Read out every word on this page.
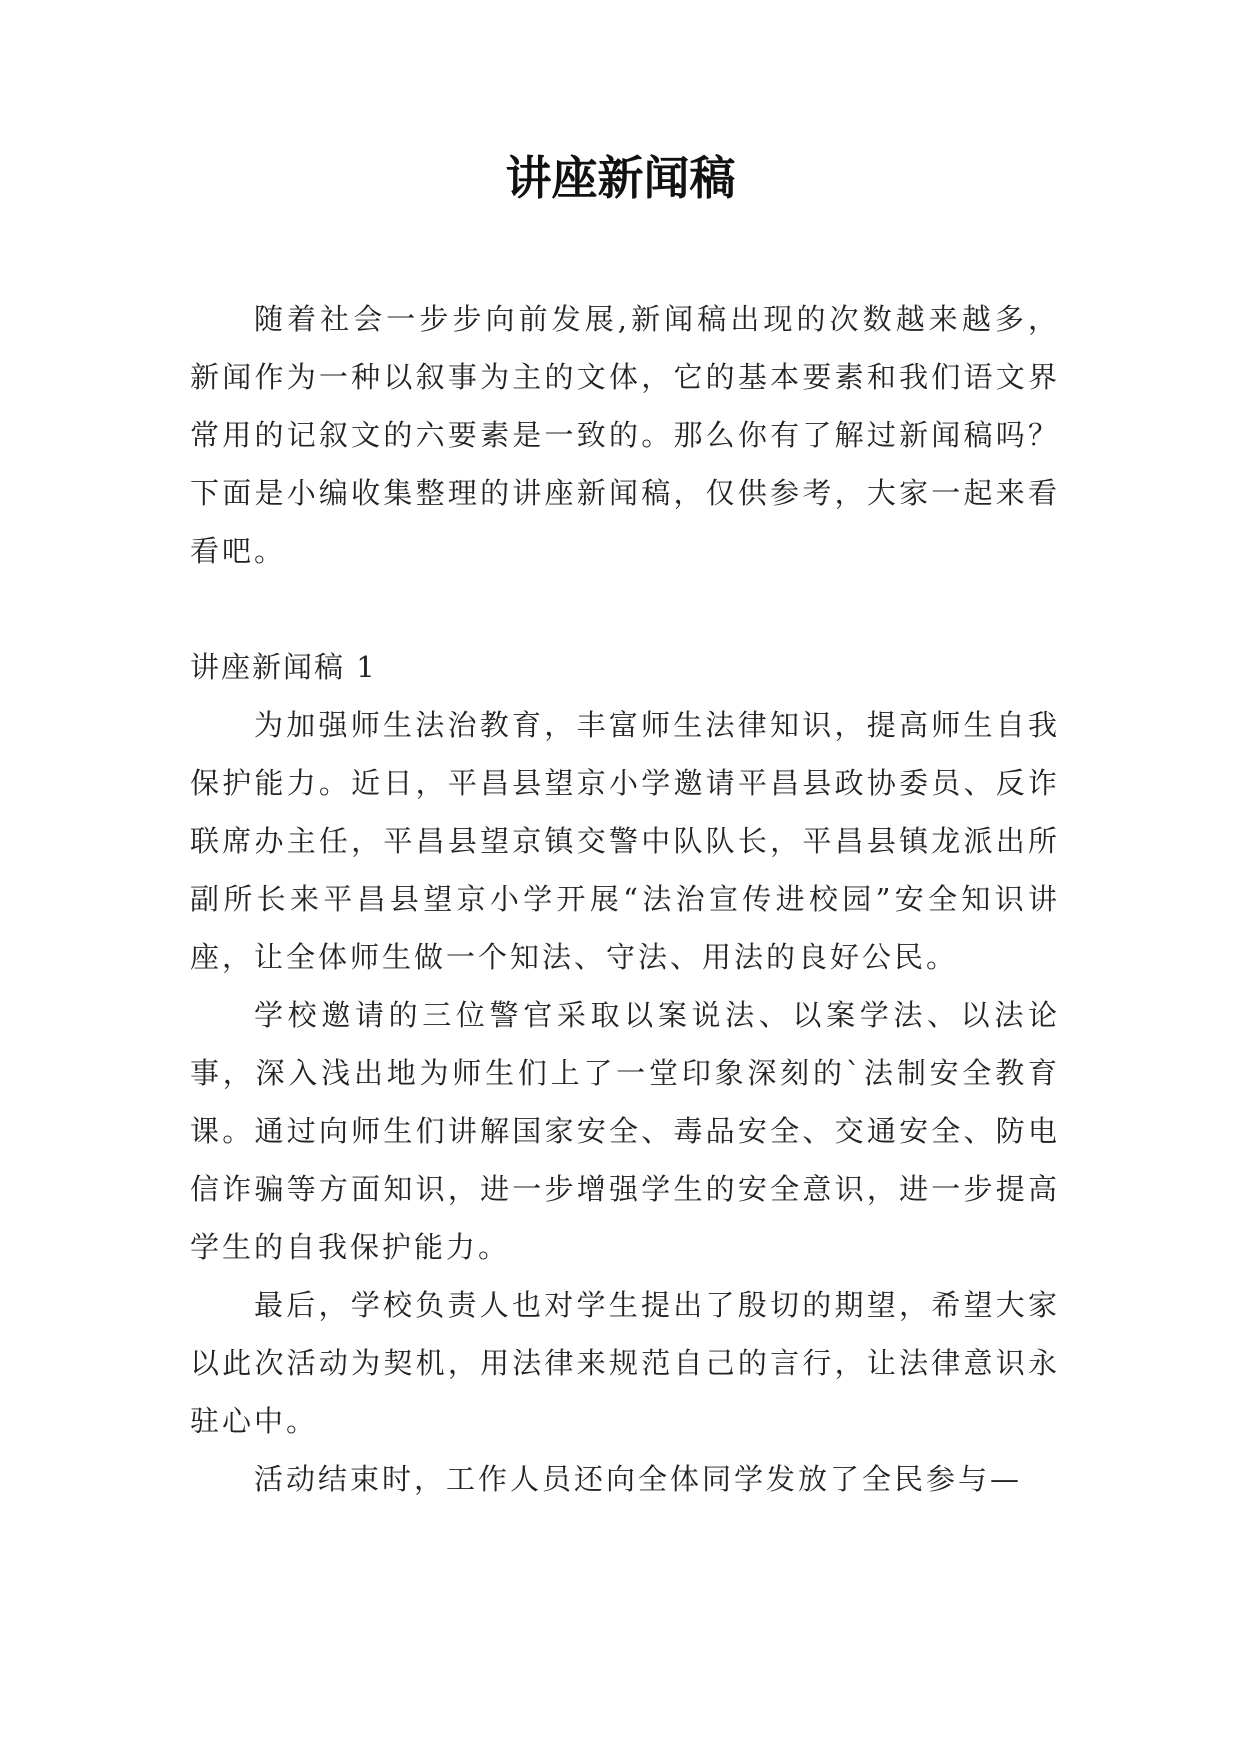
讲座新闻稿

随着社会一步步向前发展,新闻稿出现的次数越来越多，新闻作为一种以叙事为主的文体，它的基本要素和我们语文界常用的记叙文的六要素是一致的。那么你有了解过新闻稿吗？下面是小编收集整理的讲座新闻稿，仅供参考，大家一起来看看吧。

讲座新闻稿 1

为加强师生法治教育，丰富师生法律知识，提高师生自我保护能力。近日，平昌县望京小学邀请平昌县政协委员、反诈联席办主任，平昌县望京镇交警中队队长，平昌县镇龙派出所副所长来平昌县望京小学开展“法治宣传进校园”安全知识讲座，让全体师生做一个知法、守法、用法的良好公民。

学校邀请的三位警官采取以案说法、以案学法、以法论事，深入浅出地为师生们上了一堂印象深刻的`法制安全教育课。通过向师生们讲解国家安全、毒品安全、交通安全、防电信诈骗等方面知识，进一步增强学生的安全意识，进一步提高学生的自我保护能力。

最后，学校负责人也对学生提出了殷切的期望，希望大家以此次活动为契机，用法律来规范自己的言行，让法律意识永驻心中。

活动结束时，工作人员还向全体同学发放了全民参与—
